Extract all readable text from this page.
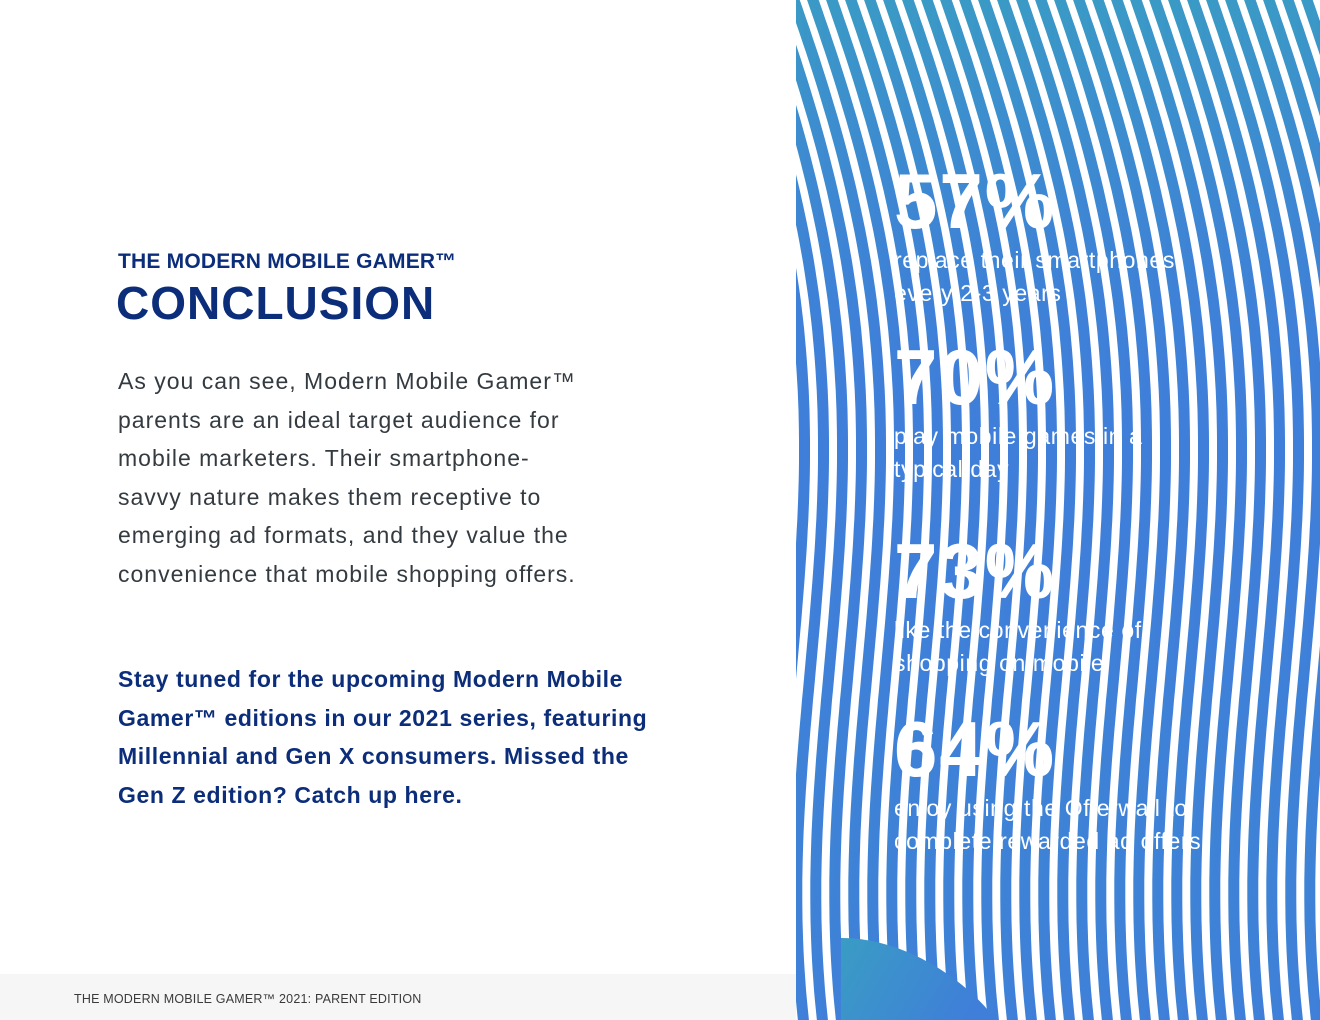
THE MODERN MOBILE GAMER™
CONCLUSION
As you can see, Modern Mobile Gamer™
parents are an ideal target audience for
mobile marketers. Their smartphone-
savvy nature makes them receptive to
emerging ad formats, and they value the
convenience that mobile shopping offers.
Stay tuned for the upcoming Modern Mobile
Gamer™ editions in our 2021 series, featuring
Millennial and Gen X consumers. Missed the
Gen Z edition? Catch up here.
THE MODERN MOBILE GAMER™ 2021: PARENT EDITION
57%
replace their smartphones
every 2-3 years
70%
play mobile games in a
typical day
73%
like the convenience of
shopping on mobile
64%
enjoy using the Offerwall to
complete rewarded ad offers
